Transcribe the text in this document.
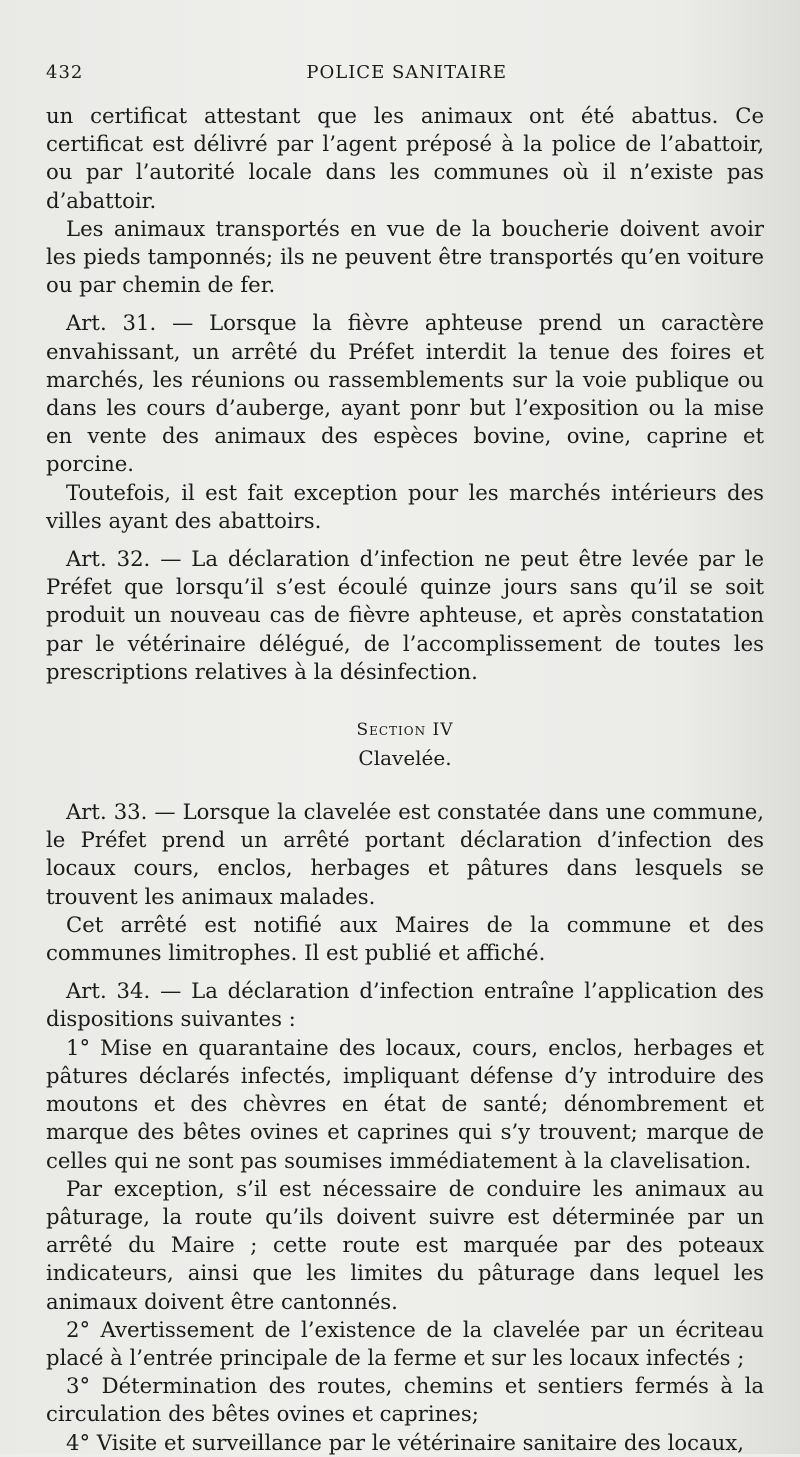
432	POLICE SANITAIRE

un certificat attestant que les animaux ont été abattus. Ce certificat est délivré par l’agent préposé à la police de l’abattoir, ou par l’autorité locale dans les communes où il n’existe pas d’abattoir.

Les animaux transportés en vue de la boucherie doivent avoir les pieds tamponnés; ils ne peuvent être transportés qu’en voiture ou par chemin de fer.

Art. 31. — Lorsque la fièvre aphteuse prend un caractère envahissant, un arrêté du Préfet interdit la tenue des foires et marchés, les réunions ou rassemblements sur la voie publique ou dans les cours d’auberge, ayant ponr but l’exposition ou la mise en vente des animaux des espèces bovine, ovine, caprine et porcine.

Toutefois, il est fait exception pour les marchés intérieurs des villes ayant des abattoirs.

Art. 32. — La déclaration d’infection ne peut être levée par le Préfet que lorsqu’il s’est écoulé quinze jours sans qu’il se soit produit un nouveau cas de fièvre aphteuse, et après constatation par le vétérinaire délégué, de l’accomplissement de toutes les prescriptions relatives à la désinfection.

Section IV
Clavelée.

Art. 33. — Lorsque la clavelée est constatée dans une commune, le Préfet prend un arrêté portant déclaration d’infection des locaux cours, enclos, herbages et pâtures dans lesquels se trouvent les animaux malades.

Cet arrêté est notifié aux Maires de la commune et des communes limitrophes. Il est publié et affiché.

Art. 34. — La déclaration d’infection entraîne l’application des dispositions suivantes :

1° Mise en quarantaine des locaux, cours, enclos, herbages et pâtures déclarés infectés, impliquant défense d’y introduire des moutons et des chèvres en état de santé; dénombrement et marque des bêtes ovines et caprines qui s’y trouvent; marque de celles qui ne sont pas soumises immédiatement à la clavelisation.

Par exception, s’il est nécessaire de conduire les animaux au pâturage, la route qu’ils doivent suivre est déterminée par un arrêté du Maire ; cette route est marquée par des poteaux indicateurs, ainsi que les limites du pâturage dans lequel les animaux doivent être cantonnés.

2° Avertissement de l’existence de la clavelée par un écriteau placé à l’entrée principale de la ferme et sur les locaux infectés ;

3° Détermination des routes, chemins et sentiers fermés à la circulation des bêtes ovines et caprines;

4° Visite et surveillance par le vétérinaire sanitaire des locaux,
